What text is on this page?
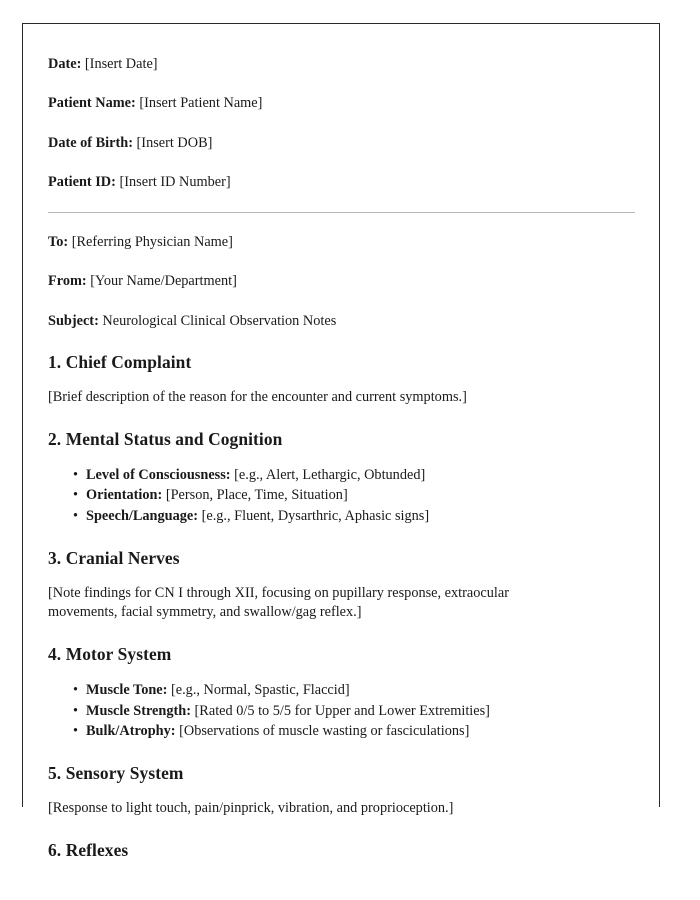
Date: [Insert Date]

Patient Name: [Insert Patient Name]

Date of Birth: [Insert DOB]

Patient ID: [Insert ID Number]

To: [Referring Physician Name]

From: [Your Name/Department]

Subject: Neurological Clinical Observation Notes

1. Chief Complaint

[Brief description of the reason for the encounter and current symptoms.]

2. Mental Status and Cognition
• Level of Consciousness: [e.g., Alert, Lethargic, Obtunded]
• Orientation: [Person, Place, Time, Situation]
• Speech/Language: [e.g., Fluent, Dysarthric, Aphasic signs]
3. Cranial Nerves

[Note findings for CN I through XII, focusing on pupillary response, extraocular movements, facial symmetry, and swallow/gag reflex.]

4. Motor System
• Muscle Tone: [e.g., Normal, Spastic, Flaccid]
• Muscle Strength: [Rated 0/5 to 5/5 for Upper and Lower Extremities]
• Bulk/Atrophy: [Observations of muscle wasting or fasciculations]
5. Sensory System

[Response to light touch, pain/pinprick, vibration, and proprioception.]

6. Reflexes
